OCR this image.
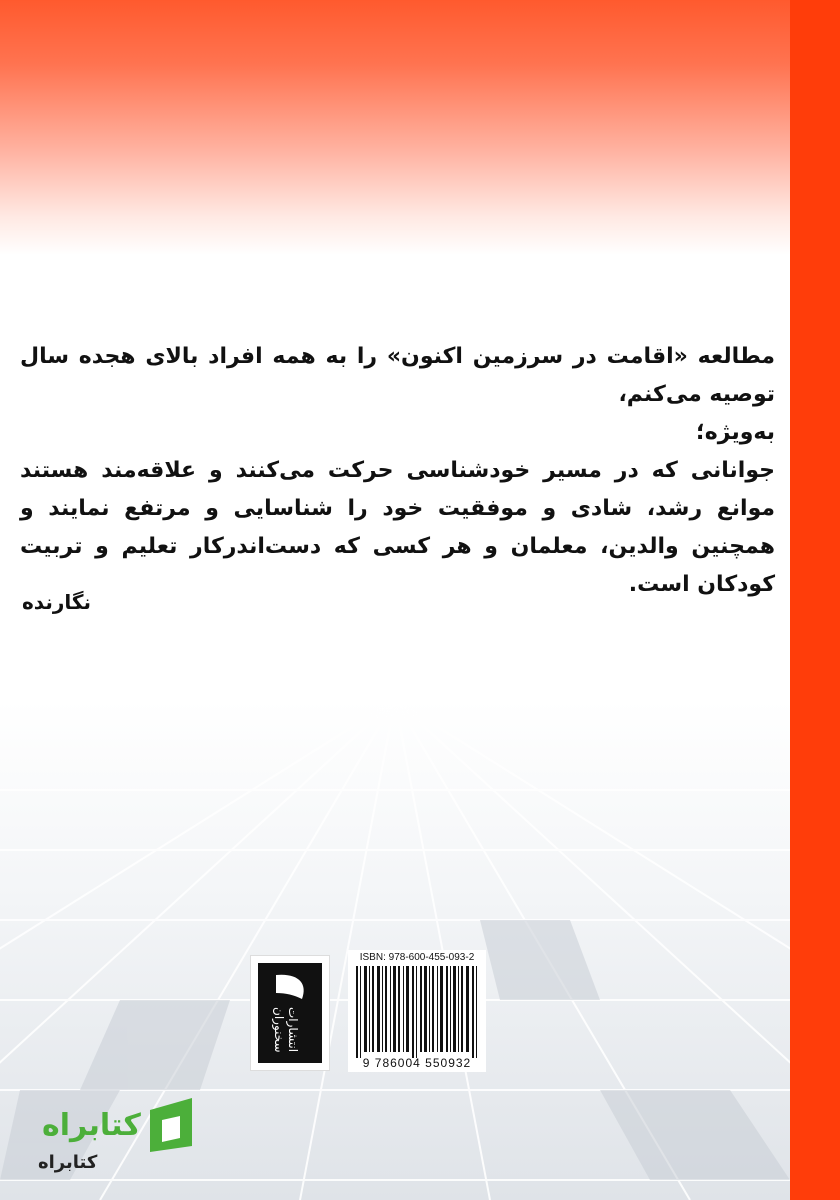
مطالعه «اقامت در سرزمین اکنون» را به همه افراد بالای هجده سال توصیه می‌کنم،

به‌ویژه؛

جوانانی که در مسیر خودشناسی حرکت می‌کنند و علاقه‌مند هستند موانع رشد، شادی و موفقیت خود را شناسایی و مرتفع نمایند و همچنین والدین، معلمان و هر کسی که دست‌اندرکار تعلیم و تربیت کودکان است.

نگارنده
انتشارات سخنوران
ISBN: 978-600-455-093-2
9 786004 550932
کتابراه
کتابراه
